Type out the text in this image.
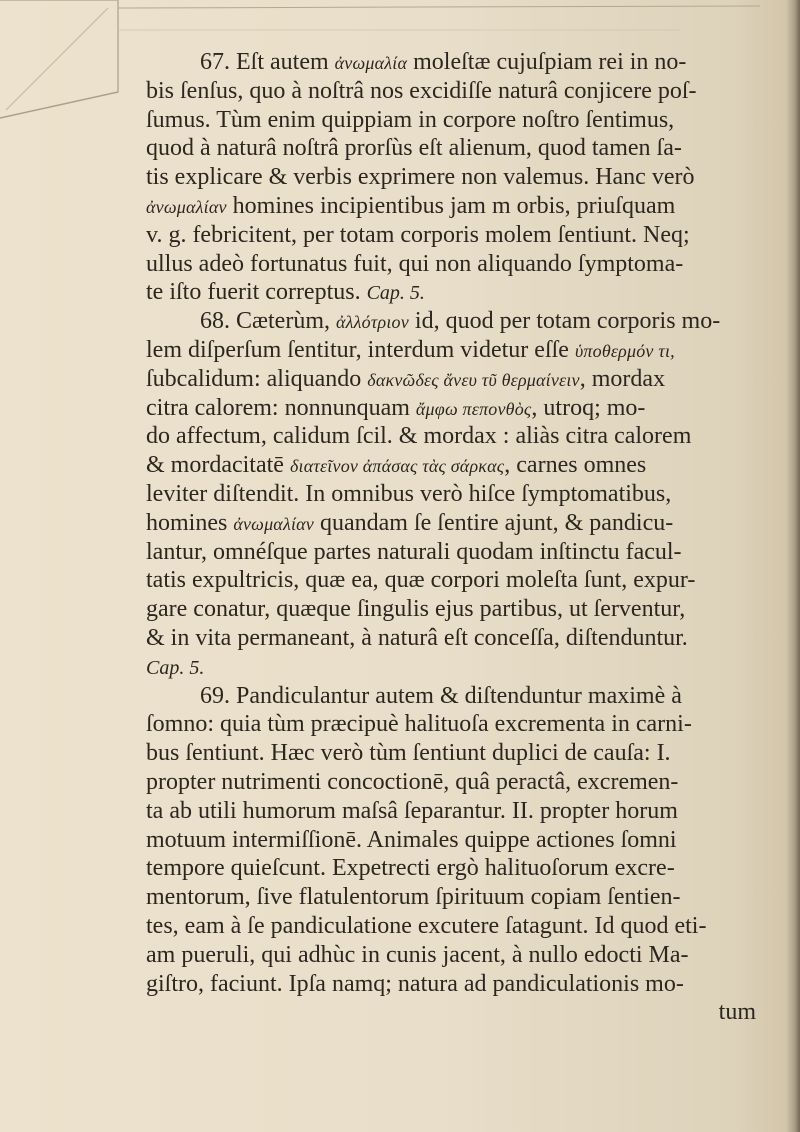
67. Eſt autem ἀνωμαλία moleſtæ cujuſpiam rei in no-
bis ſenſus, quo à noſtrâ nos excidiſſe naturâ conjicere poſ-
ſumus. Tùm enim quippiam in corpore noſtro ſentimus,
quod à naturâ noſtrâ prorſùs eſt alienum, quod tamen ſa-
tis explicare & verbis exprimere non valemus. Hanc verò
ἀνωμαλίαν homines incipientibus jam m orbis, priuſquam
v. g. febricitent, per totam corporis molem ſentiunt. Neq;
ullus adeò fortunatus fuit, qui non aliquando ſymptoma-
te iſto fuerit correptus. Cap. 5.
68. Cæterùm, ἀλλότριον id, quod per totam corporis mo-
lem diſperſum ſentitur, interdum videtur eſſe ὑποθερμόν τι,
ſubcalidum: aliquando δακνῶδες ἄνευ τῦ θερμαίνειν, mordax
citra calorem: nonnunquam ἄμφω πεπονθὸς, utroq; mo-
do affectum, calidum ſcil. & mordax : aliàs citra calorem
& mordacitatē διατεῖνον ἀπάσας τὰς σάρκας, carnes omnes
leviter diſtendit. In omnibus verò hiſce ſymptomatibus,
homines ἀνωμαλίαν quandam ſe ſentire ajunt, & pandicu-
lantur, omnéſque partes naturali quodam inſtinctu facul-
tatis expultricis, quæ ea, quæ corpori moleſta ſunt, expur-
gare conatur, quæque ſingulis ejus partibus, ut ſerventur,
& in vita permaneant, à naturâ eſt conceſſa, diſtenduntur.
Cap. 5.
69. Pandiculantur autem & diſtenduntur maximè à
ſomno: quia tùm præcipuè halituoſa excrementa in carni-
bus ſentiunt. Hæc verò tùm ſentiunt duplici de cauſa: I.
propter nutrimenti concoctionē, quâ peractâ, excremen-
ta ab utili humorum maſsâ ſeparantur. II. propter horum
motuum intermiſſionē. Animales quippe actiones ſomni
tempore quieſcunt. Expetrecti ergò halituoſorum excre-
mentorum, ſive flatulentorum ſpirituum copiam ſentien-
tes, eam à ſe pandiculatione excutere ſatagunt. Id quod eti-
am pueruli, qui adhùc in cunis jacent, à nullo edocti Ma-
giſtro, faciunt. Ipſa namq; natura ad pandiculationis mo-
tum
